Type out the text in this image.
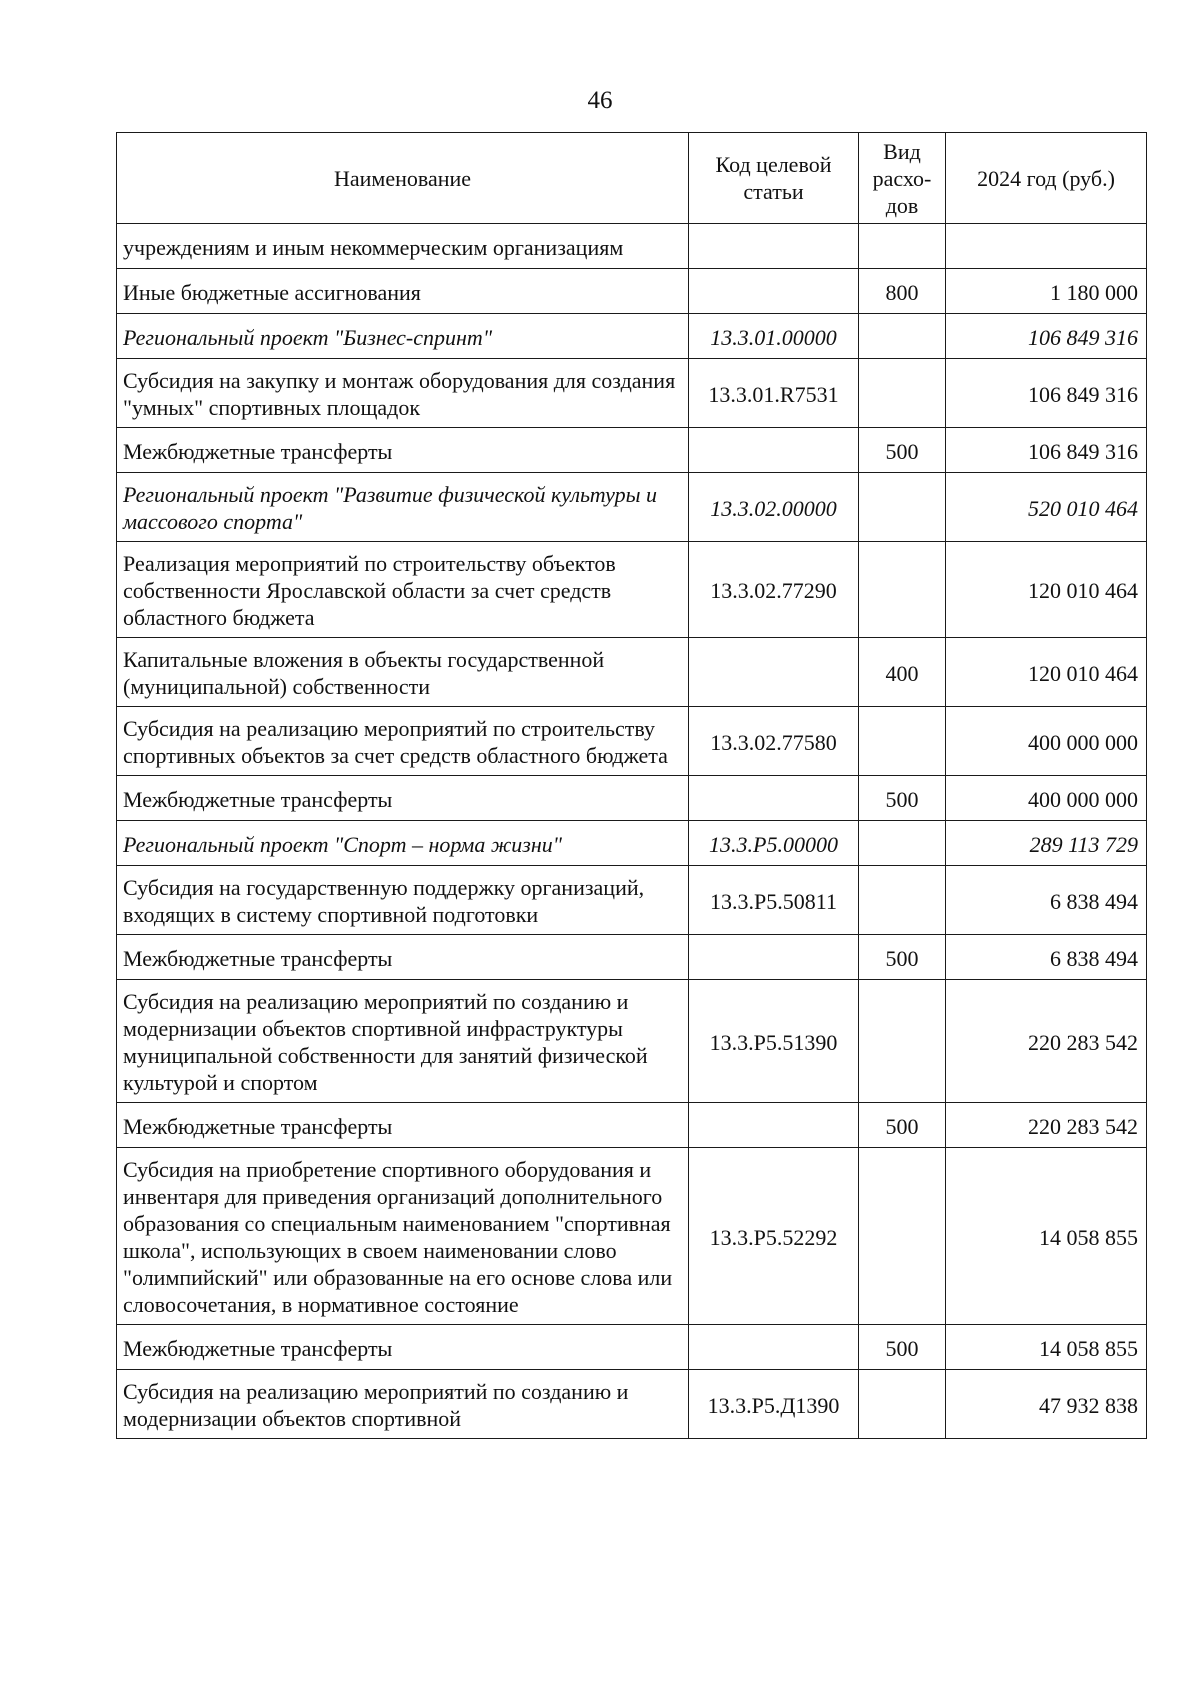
46
Наименование	Код целевой статьи	Вид расхо-дов	2024 год (руб.)
учреждениям и иным некоммерческим организациям			
Иные бюджетные ассигнования		800	1 180 000
Региональный проект "Бизнес-спринт"	13.3.01.00000		106 849 316
Субсидия на закупку и монтаж оборудования для создания "умных" спортивных площадок	13.3.01.R7531		106 849 316
Межбюджетные трансферты		500	106 849 316
Региональный проект "Развитие физической культуры и массового спорта"	13.3.02.00000		520 010 464
Реализация мероприятий по строительству объектов собственности Ярославской области за счет средств областного бюджета	13.3.02.77290		120 010 464
Капитальные вложения в объекты государственной (муниципальной) собственности		400	120 010 464
Субсидия на реализацию мероприятий по строительству спортивных объектов за счет средств областного бюджета	13.3.02.77580		400 000 000
Межбюджетные трансферты		500	400 000 000
Региональный проект "Спорт – норма жизни"	13.3.P5.00000		289 113 729
Субсидия на государственную поддержку организаций, входящих в систему спортивной подготовки	13.3.P5.50811		6 838 494
Межбюджетные трансферты		500	6 838 494
Субсидия на реализацию мероприятий по созданию и модернизации объектов спортивной инфраструктуры муниципальной собственности для занятий физической культурой и спортом	13.3.P5.51390		220 283 542
Межбюджетные трансферты		500	220 283 542
Субсидия на приобретение спортивного оборудования и инвентаря для приведения организаций дополнительного образования со специальным наименованием "спортивная школа", использующих в своем наименовании слово "олимпийский" или образованные на его основе слова или словосочетания, в нормативное состояние	13.3.P5.52292		14 058 855
Межбюджетные трансферты		500	14 058 855
Субсидия на реализацию мероприятий по созданию и модернизации объектов спортивной	13.3.P5.Д1390		47 932 838
